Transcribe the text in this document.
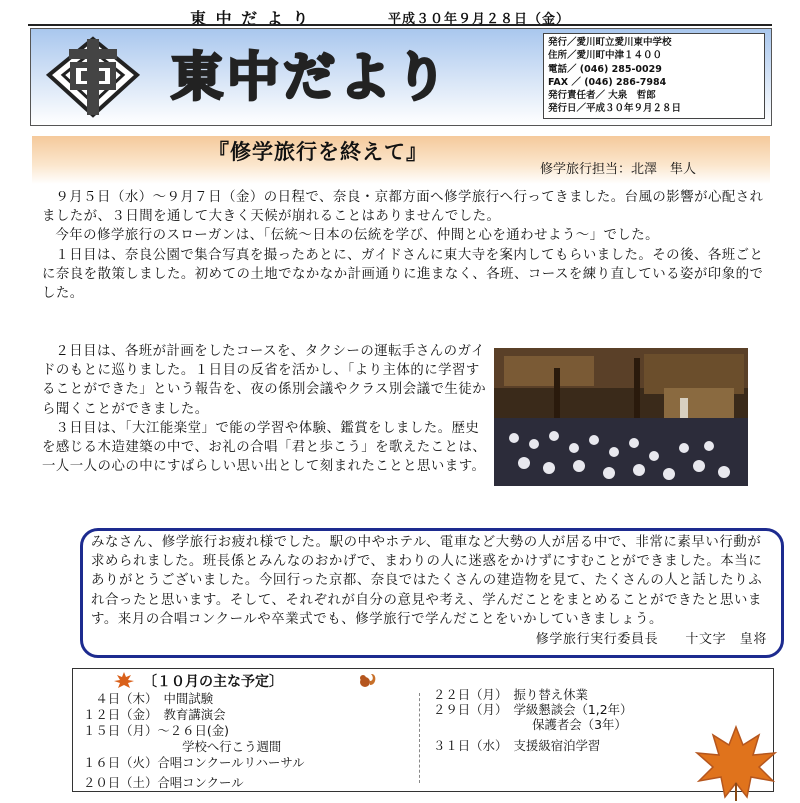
東 中 だ よ り	平成３０年９月２８日（金）
東中だより
発行／愛川町立愛川東中学校
住所／愛川町中津１４００
電話／ (046) 285-0029
FAX ／ (046) 286-7984
発行責任者／ 大泉　哲郎
発行日／平成３０年９月２８日
『修学旅行を終えて』
修学旅行担当：北澤　隼人

９月５日（水）～９月７日（金）の日程で、奈良・京都方面へ修学旅行へ行ってきました。台風の影響が心配されましたが、３日間を通して大きく天候が崩れることはありませんでした。

今年の修学旅行のスローガンは、「伝統～日本の伝統を学び、仲間と心を通わせよう～」でした。

１日目は、奈良公園で集合写真を撮ったあとに、ガイドさんに東大寺を案内してもらいました。その後、各班ごとに奈良を散策しました。初めての土地でなかなか計画通りに進まなく、各班、コースを練り直している姿が印象的でした。

２日目は、各班が計画をしたコースを、タクシーの運転手さんのガイドのもとに巡りました。１日目の反省を活かし、「より主体的に学習することができた」という報告を、夜の係別会議やクラス別会議で生徒から聞くことができました。

３日目は、「大江能楽堂」で能の学習や体験、鑑賞をしました。歴史を感じる木造建築の中で、お礼の合唱「君と歩こう」を歌えたことは、一人一人の心の中にすばらしい思い出として刻まれたことと思います。

みなさん、修学旅行お疲れ様でした。駅の中やホテル、電車など大勢の人が居る中で、非常に素早い行動が求められました。班長係とみんなのおかげで、まわりの人に迷惑をかけずにすむことができました。本当にありがとうございました。今回行った京都、奈良ではたくさんの建造物を見て、たくさんの人と話したりふれ合ったと思います。そして、それぞれが自分の意見や考え、学んだことをまとめることができたと思います。来月の合唱コンクールや卒業式でも、修学旅行で学んだことをいかしていきましょう。
修学旅行実行委員長　　十文字　皇将
〔１０月の主な予定〕
　４日（木）　中間試験
１２日（金）　教育講演会
１５日（月）～２６日(金)
　　　　　　　　学校へ行こう週間
１６日（火）合唱コンクールリハーサル
２０日（土）合唱コンクール
２２日（月）　振り替え休業
２９日（月）　学級懇談会（1,2年）
　　　　　　　　保護者会（3年）
３１日（水）　支援級宿泊学習
